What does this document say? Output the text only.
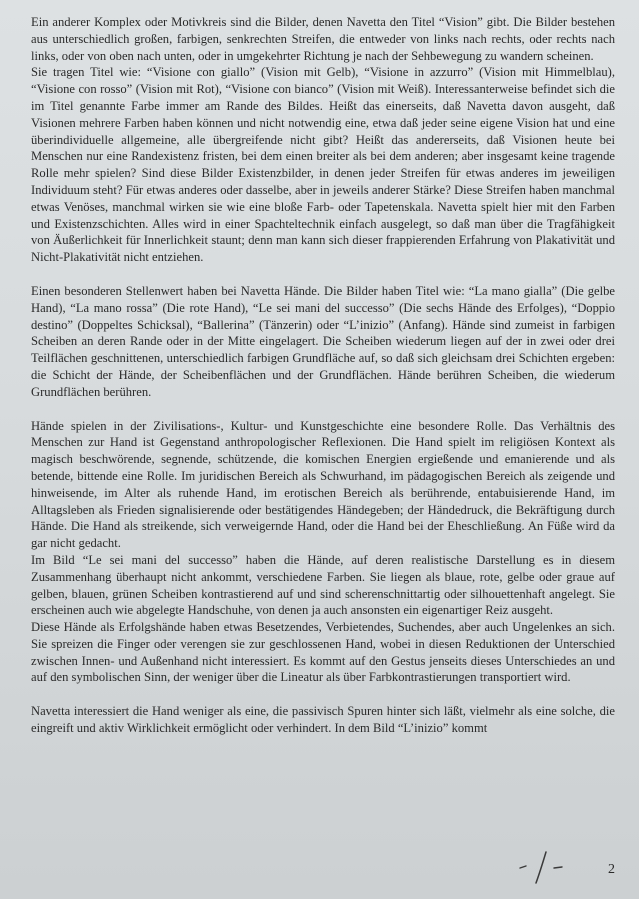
Ein anderer Komplex oder Motivkreis sind die Bilder, denen Navetta den Titel “Vision” gibt. Die Bilder bestehen aus unterschiedlich großen, farbigen, senkrechten Streifen, die entweder von links nach rechts, oder rechts nach links, oder von oben nach unten, oder in umgekehrter Richtung je nach der Sehbewegung zu wandern scheinen.

Sie tragen Titel wie: “Visione con giallo” (Vision mit Gelb), “Visione in azzurro” (Vision mit Himmelblau), “Visione con rosso” (Vision mit Rot), “Visione con bianco” (Vision mit Weiß). Interessanterweise befindet sich die im Titel genannte Farbe immer am Rande des Bildes. Heißt das einerseits, daß Navetta davon ausgeht, daß Visionen mehrere Farben haben können und nicht notwendig eine, etwa daß jeder seine eigene Vision hat und eine überindividuelle allgemeine, alle übergreifende nicht gibt? Heißt das andererseits, daß Visionen heute bei Menschen nur eine Randexistenz fristen, bei dem einen breiter als bei dem anderen; aber insgesamt keine tragende Rolle mehr spielen? Sind diese Bilder Existenzbilder, in denen jeder Streifen für etwas anderes im jeweiligen Individuum steht? Für etwas anderes oder dasselbe, aber in jeweils anderer Stärke? Diese Streifen haben manchmal etwas Venöses, manchmal wirken sie wie eine bloße Farb- oder Tapetenskala. Navetta spielt hier mit den Farben und Existenzschichten. Alles wird in einer Spachteltechnik einfach ausgelegt, so daß man über die Tragfähigkeit von Äußerlichkeit für Innerlichkeit staunt; denn man kann sich dieser frappierenden Erfahrung von Plakativität und Nicht-Plakativität nicht entziehen.

Einen besonderen Stellenwert haben bei Navetta Hände. Die Bilder haben Titel wie: “La mano gialla” (Die gelbe Hand), “La mano rossa” (Die rote Hand), “Le sei mani del successo” (Die sechs Hände des Erfolges), “Doppio destino” (Doppeltes Schicksal), “Ballerina” (Tänzerin) oder “L’inizio” (Anfang). Hände sind zumeist in farbigen Scheiben an deren Rande oder in der Mitte eingelagert. Die Scheiben wiederum liegen auf der in zwei oder drei Teilflächen geschnittenen, unterschiedlich farbigen Grundfläche auf, so daß sich gleichsam drei Schichten ergeben: die Schicht der Hände, der Scheibenflächen und der Grundflächen. Hände berühren Scheiben, die wiederum Grundflächen berühren.

Hände spielen in der Zivilisations-, Kultur- und Kunstgeschichte eine besondere Rolle. Das Verhältnis des Menschen zur Hand ist Gegenstand anthropologischer Reflexionen. Die Hand spielt im religiösen Kontext als magisch beschwörende, segnende, schützende, die komischen Energien ergießende und emanierende und als betende, bittende eine Rolle. Im juridischen Bereich als Schwurhand, im pädagogischen Bereich als zeigende und hinweisende, im Alter als ruhende Hand, im erotischen Bereich als berührende, entabuisierende Hand, im Alltagsleben als Frieden signalisierende oder bestätigendes Händegeben; der Händedruck, die Bekräftigung durch Hände. Die Hand als streikende, sich verweigernde Hand, oder die Hand bei der Eheschließung. An Füße wird da gar nicht gedacht.

Im Bild “Le sei mani del successo” haben die Hände, auf deren realistische Darstellung es in diesem Zusammenhang überhaupt nicht ankommt, verschiedene Farben. Sie liegen als blaue, rote, gelbe oder graue auf gelben, blauen, grünen Scheiben kontrastierend auf und sind scherenschnittartig oder silhouettenhaft angelegt. Sie erscheinen auch wie abgelegte Handschuhe, von denen ja auch ansonsten ein eigenartiger Reiz ausgeht.

Diese Hände als Erfolgshände haben etwas Besetzendes, Verbietendes, Suchendes, aber auch Ungelenkes an sich. Sie spreizen die Finger oder verengen sie zur geschlossenen Hand, wobei in diesen Reduktionen der Unterschied zwischen Innen- und Außenhand nicht interessiert. Es kommt auf den Gestus jenseits dieses Unterschiedes an und auf den symbolischen Sinn, der weniger über die Lineatur als über Farbkontrastierungen transportiert wird.

Navetta interessiert die Hand weniger als eine, die passivisch Spuren hinter sich läßt, vielmehr als eine solche, die eingreift und aktiv Wirklichkeit ermöglicht oder verhindert. In dem Bild “L’inizio” kommt

2
